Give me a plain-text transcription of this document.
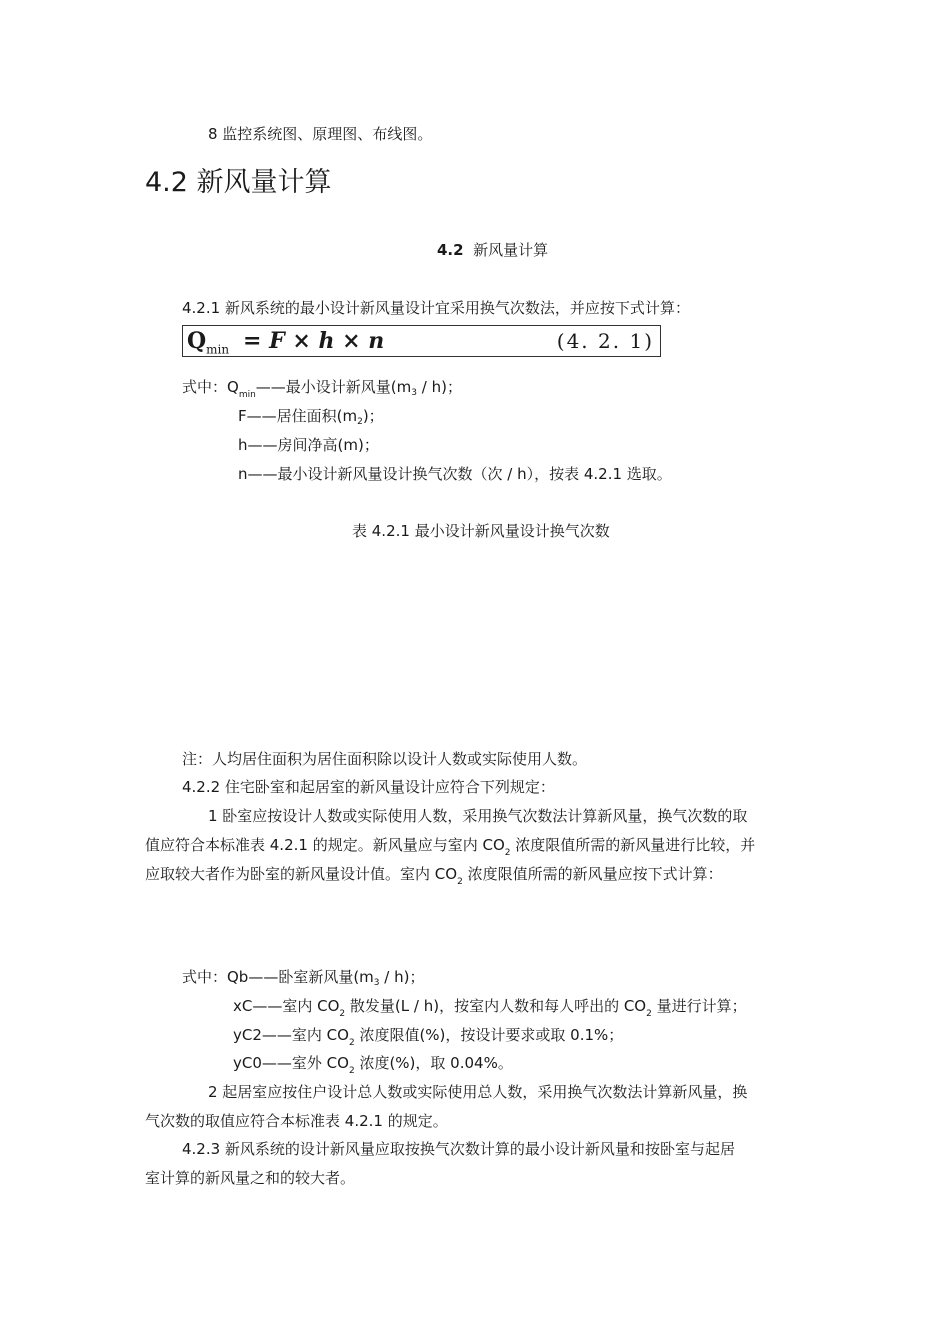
8 监控系统图、原理图、布线图。
4.2 新风量计算
4.2 新风量计算
4.2.1 新风系统的最小设计新风量设计宜采用换气次数法，并应按下式计算：
$Q_{min} = F \times h \times n$	(4. 2. 1)
式中：$Q_{min}——$最小设计新风量$(m_3 / h)$；
F——居住面积$(m_2)$；
h——房间净高(m)；
n——最小设计新风量设计换气次数（次 / h），按表 4.2.1 选取。
表 4.2.1 最小设计新风量设计换气次数
注：人均居住面积为居住面积除以设计人数或实际使用人数。
4.2.2 住宅卧室和起居室的新风量设计应符合下列规定：
1 卧室应按设计人数或实际使用人数，采用换气次数法计算新风量，换气次数的取
值应符合本标准表 4.2.1 的规定。新风量应与室内 $CO_2$ 浓度限值所需的新风量进行比较，并
应取较大者作为卧室的新风量设计值。室内 $CO_2$ 浓度限值所需的新风量应按下式计算：
式中：Qb——卧室新风量$(m_3 / h)$；
xC——室内 $CO_2$ 散发量(L / h)，按室内人数和每人呼出的 $CO_2$ 量进行计算；
yC2——室内 $CO_2$ 浓度限值(%)，按设计要求或取 0.1%；
yC0——室外 $CO_2$ 浓度(%)，取 0.04%。
2 起居室应按住户设计总人数或实际使用总人数，采用换气次数法计算新风量，换
气次数的取值应符合本标准表 4.2.1 的规定。
4.2.3 新风系统的设计新风量应取按换气次数计算的最小设计新风量和按卧室与起居
室计算的新风量之和的较大者。
